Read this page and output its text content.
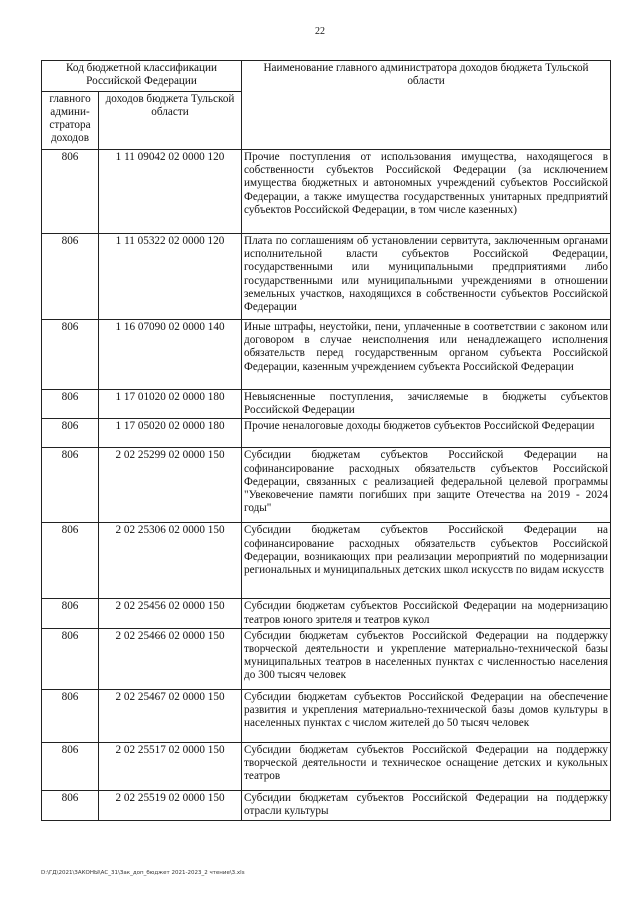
22
Код бюджетной классификации Российской Федерации		Наименование главного администратора доходов бюджета Тульской области
главного админи-стратора доходов	доходов бюджета Тульской области	
806	1 11 09042 02 0000 120	Прочие поступления от использования имущества, находящегося в собственности субъектов Российской Федерации (за исключением имущества бюджетных и автономных учреждений субъектов Российской Федерации, а также имущества государственных унитарных предприятий субъектов Российской Федерации, в том числе казенных)
806	1 11 05322 02 0000 120	Плата по соглашениям об установлении сервитута, заключенным органами исполнительной власти субъектов Российской Федерации, государственными или муниципальными предприятиями либо государственными или муниципальными учреждениями в отношении земельных участков, находящихся в собственности субъектов Российской Федерации
806	1 16 07090 02 0000 140	Иные штрафы, неустойки, пени, уплаченные в соответствии с законом или договором в случае неисполнения или ненадлежащего исполнения обязательств перед государственным органом субъекта Российской Федерации, казенным учреждением субъекта Российской Федерации
806	1 17 01020 02 0000 180	Невыясненные поступления, зачисляемые в бюджеты субъектов Российской Федерации
806	1 17 05020 02 0000 180	Прочие неналоговые доходы бюджетов субъектов Российской Федерации
806	2 02 25299 02 0000 150	Субсидии бюджетам субъектов Российской Федерации на софинансирование расходных обязательств субъектов Российской Федерации, связанных с реализацией федеральной целевой программы "Увековечение памяти погибших при защите Отечества на 2019 - 2024 годы"
806	2 02 25306 02 0000 150	Субсидии бюджетам субъектов Российской Федерации на софинансирование расходных обязательств субъектов Российской Федерации, возникающих при реализации мероприятий по модернизации региональных и муниципальных детских школ искусств по видам искусств
806	2 02 25456 02 0000 150	Субсидии бюджетам субъектов Российской Федерации на модернизацию театров юного зрителя и театров кукол
806	2 02 25466 02 0000 150	Субсидии бюджетам субъектов Российской Федерации на поддержку творческой деятельности и укрепление материально-технической базы муниципальных театров в населенных пунктах с численностью населения до 300 тысяч человек
806	2 02 25467 02 0000 150	Субсидии бюджетам субъектов Российской Федерации на обеспечение развития и укрепления материально-технической базы домов культуры в населенных пунктах с числом жителей до 50 тысяч человек
806	2 02 25517 02 0000 150	Субсидии бюджетам субъектов Российской Федерации на поддержку творческой деятельности и техническое оснащение детских и кукольных театров
806	2 02 25519 02 0000 150	Субсидии бюджетам субъектов Российской Федерации на поддержку отрасли культуры
D:\ГД\2021\ЗАКОНЫ\АС_31\Зак_доп_бюджет 2021-2023_2 чтение\3.xls
